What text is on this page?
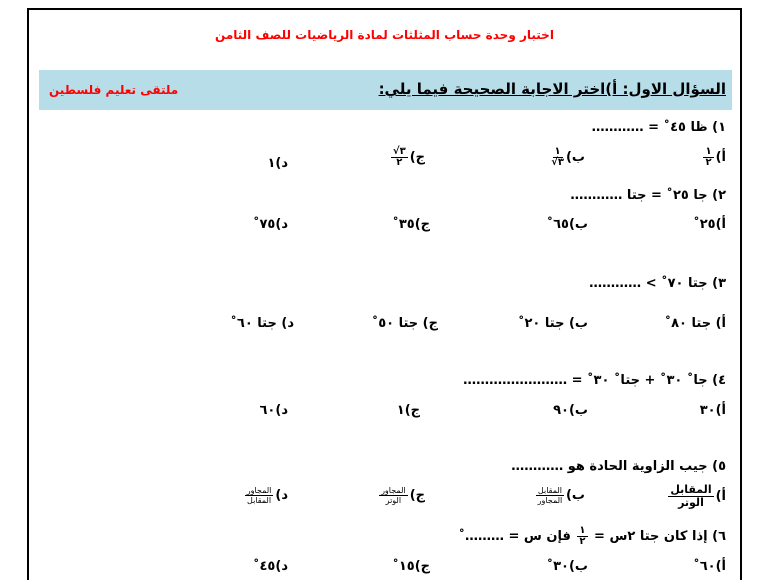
اختبار وحدة حساب المثلثات لمادة الرياضيات للصف الثامن
السؤال الاول: أ)اختر الاجابة الصحيحة فيما يلي:
ملتقى تعليم فلسطين
١) ظا ٤٥˚ = …………
أ)
$\frac{١}{٢}$
ب)
$\frac{١}{٣√}$
ج)
$\frac{٣√}{٢}$
د)١
٢) جا ٢٥˚ = جتا …………
أ)٢٥˚
ب)٦٥˚
ج)٣٥˚
د)٧٥˚
٣) جتا ٧٠˚ > …………
أ) جتا ٨٠˚
ب) جتا ٢٠˚
ج) جتا ٥٠˚
د) جتا ٦٠˚
٤) جا˚ ٣٠˚ + جتا˚ ٣٠˚ = ……………………
أ)٣٠
ب)٩٠
ج)١
د)٦٠
٥) جيب الزاوية الحادة هو …………
أ)
$\frac{\text{المقابل}}{\text{الوتر}}$
ب)
$\frac{\text{المقابل}}{\text{المجاور}}$
ج)
$\frac{\text{المجاور}}{\text{الوتر}}$
د)
$\frac{\text{المجاور}}{\text{المقابل}}$
٦) إذا كان جتا ٢س =
$\frac{١}{٢}$
فإن س = ………˚
أ)٦٠˚
ب)٣٠˚
ج)١٥˚
د)٤٥˚
